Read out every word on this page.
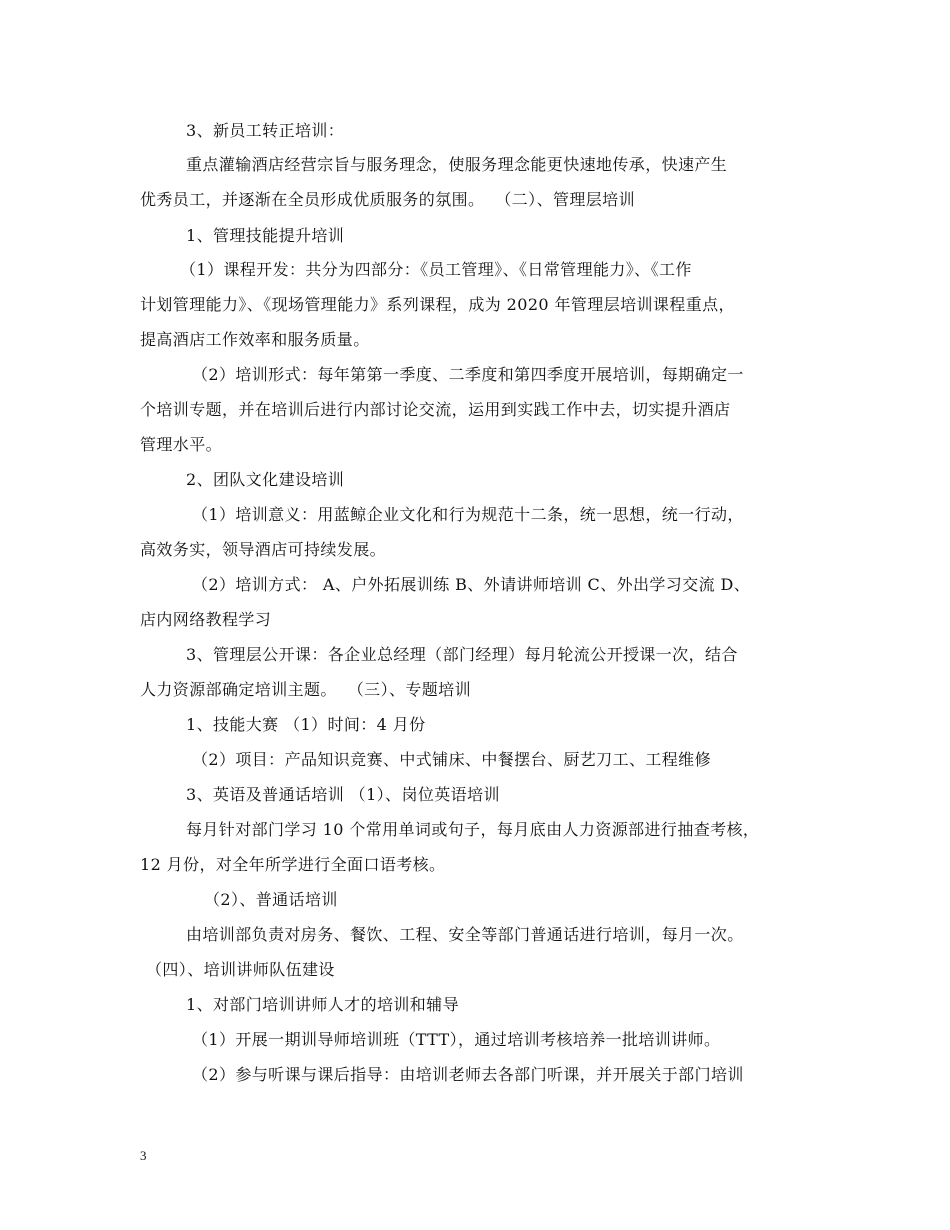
3、新员工转正培训：
重点灌输酒店经营宗旨与服务理念，使服务理念能更快速地传承，快速产生
优秀员工，并逐渐在全员形成优质服务的氛围。  （二）、管理层培训
1、管理技能提升培训
（1）课程开发：共分为四部分：《员工管理》、《日常管理能力》、《工作
计划管理能力》、《现场管理能力》系列课程，成为 2020 年管理层培训课程重点，
提高酒店工作效率和服务质量。
（2）培训形式：每年第第一季度、二季度和第四季度开展培训，每期确定一
个培训专题，并在培训后进行内部讨论交流，运用到实践工作中去，切实提升酒店
管理水平。
2、团队文化建设培训
（1）培训意义：用蓝鲸企业文化和行为规范十二条，统一思想，统一行动，
高效务实，领导酒店可持续发展。
（2）培训方式： A、户外拓展训练 B、外请讲师培训 C、外出学习交流 D、
店内网络教程学习
3、管理层公开课：各企业总经理（部门经理）每月轮流公开授课一次，结合
人力资源部确定培训主题。  （三）、专题培训
1、技能大赛 （1）时间：4 月份
（2）项目：产品知识竞赛、中式铺床、中餐摆台、厨艺刀工、工程维修
3、英语及普通话培训 （1）、岗位英语培训
每月针对部门学习 10 个常用单词或句子，每月底由人力资源部进行抽查考核，
12 月份，对全年所学进行全面口语考核。
（2）、普通话培训
由培训部负责对房务、餐饮、工程、安全等部门普通话进行培训，每月一次。
（四）、培训讲师队伍建设
1、对部门培训讲师人才的培训和辅导
（1）开展一期训导师培训班（TTT），通过培训考核培养一批培训讲师。
（2）参与听课与课后指导：由培训老师去各部门听课，并开展关于部门培训
3
